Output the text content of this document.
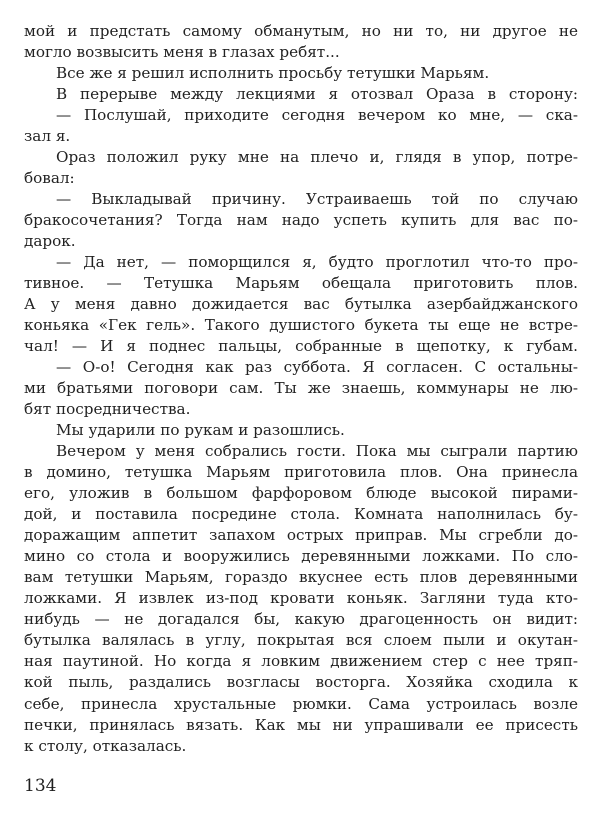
мой и предстать самому обманутым, но ни то, ни другое не
могло возвысить меня в глазах ребят...
Все же я решил исполнить просьбу тетушки Марьям.
В перерыве между лекциями я отозвал Ораза в сторону:
— Послушай, приходите сегодня вечером ко мне, — ска-
зал я.
Ораз положил руку мне на плечо и, глядя в упор, потре-
бовал:
— Выкладывай причину. Устраиваешь той по случаю
бракосочетания? Тогда нам надо успеть купить для вас по-
дарок.
— Да нет, — поморщился я, будто проглотил что-то про-
тивное. — Тетушка Марьям обещала приготовить плов.
А у меня давно дожидается вас бутылка азербайджанского
коньяка «Гек гель». Такого душистого букета ты еще не встре-
чал! — И я поднес пальцы, собранные в щепотку, к губам.
— О-о! Сегодня как раз суббота. Я согласен. С остальны-
ми братьями поговори сам. Ты же знаешь, коммунары не лю-
бят посредничества.
Мы ударили по рукам и разошлись.
Вечером у меня собрались гости. Пока мы сыграли партию
в домино, тетушка Марьям приготовила плов. Она принесла
его, уложив в большом фарфоровом блюде высокой пирами-
дой, и поставила посредине стола. Комната наполнилась бу-
доражащим аппетит запахом острых приправ. Мы сгребли до-
мино со стола и вооружились деревянными ложками. По сло-
вам тетушки Марьям, гораздо вкуснее есть плов деревянными
ложками. Я извлек из-под кровати коньяк. Загляни туда кто-
нибудь — не догадался бы, какую драгоценность он видит:
бутылка валялась в углу, покрытая вся слоем пыли и окутан-
ная паутиной. Но когда я ловким движением стер с нее тряп-
кой пыль, раздались возгласы восторга. Хозяйка сходила к
себе, принесла хрустальные рюмки. Сама устроилась возле
печки, принялась вязать. Как мы ни упрашивали ее присесть
к столу, отказалась.
134
